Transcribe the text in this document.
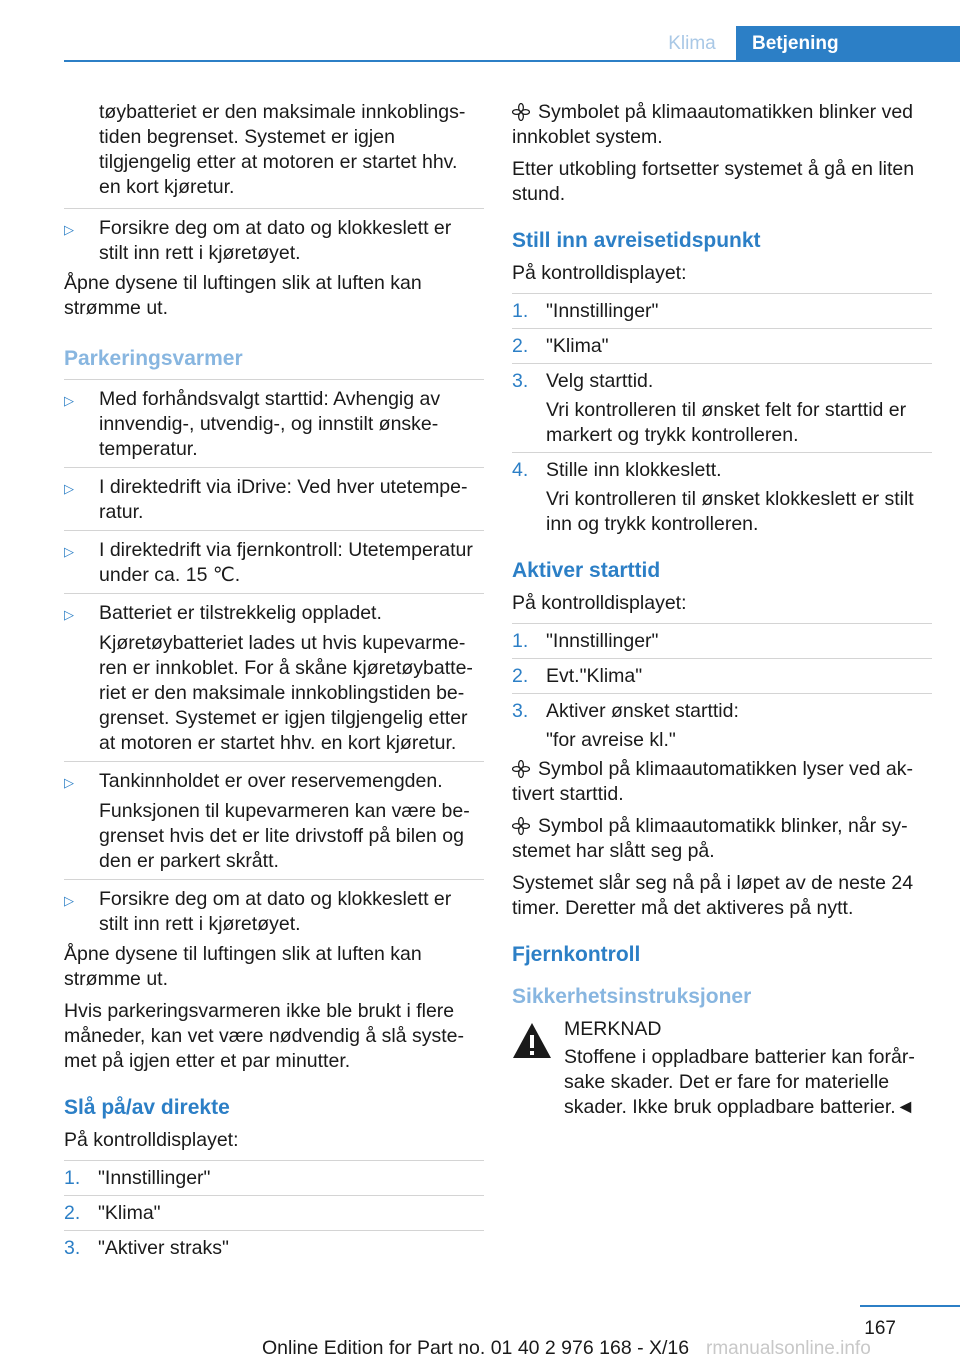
Klima	Betjening

tøybatteriet er den maksimale innkoblingstiden begrenset. Systemet er igjen tilgjengelig etter at motoren er startet hhv. en kort kjøretur.

▷ Forsikre deg om at dato og klokkeslett er stilt inn rett i kjøretøyet.

Åpne dysene til luftingen slik at luften kan strømme ut.

Parkeringsvarmer
▷ Med forhåndsvalgt starttid: Avhengig av innvendig-, utvendig-, og innstilt ønsketemperatur.

▷ I direktedrift via iDrive: Ved hver utetemperatur.

▷ I direktedrift via fjernkontroll: Utetemperatur under ca. 15 ℃.

▷ Batteriet er tilstrekkelig oppladet.

Kjøretøybatteriet lades ut hvis kupevarmeren er innkoblet. For å skåne kjøretøybatteriet er den maksimale innkoblingstiden begrenset. Systemet er igjen tilgjengelig etter at motoren er startet hhv. en kort kjøretur.

▷ Tankinnholdet er over reservemengden.

Funksjonen til kupevarmeren kan være begrenset hvis det er lite drivstoff på bilen og den er parkert skrått.

▷ Forsikre deg om at dato og klokkeslett er stilt inn rett i kjøretøyet.

Åpne dysene til luftingen slik at luften kan strømme ut.

Hvis parkeringsvarmeren ikke ble brukt i flere måneder, kan vet være nødvendig å slå systemet på igjen etter et par minutter.

Slå på/av direkte

På kontrolldisplayet:

1. "Innstillinger"

2. "Klima"

3. "Aktiver straks"

Symbolet på klimaautomatikken blinker ved innkoblet system.

Etter utkobling fortsetter systemet å gå en liten stund.

Still inn avreisetidspunkt

På kontrolldisplayet:

1. "Innstillinger"

2. "Klima"

3. Velg starttid.

Vri kontrolleren til ønsket felt for starttid er markert og trykk kontrolleren.

4. Stille inn klokkeslett.

Vri kontrolleren til ønsket klokkeslett er stilt inn og trykk kontrolleren.

Aktiver starttid

På kontrolldisplayet:

1. "Innstillinger"

2. Evt."Klima"

3. Aktiver ønsket starttid:

"for avreise kl."

Symbol på klimaautomatikken lyser ved aktivert starttid.

Symbol på klimaautomatikk blinker, når systemet har slått seg på.

Systemet slår seg nå på i løpet av de neste 24 timer. Deretter må det aktiveres på nytt.

Fjernkontroll
Sikkerhetsinstruksjoner

MERKNAD

Stoffene i oppladbare batterier kan forårsake skader. Det er fare for materielle skader. Ikke bruk oppladbare batterier.◄

167
Online Edition for Part no. 01 40 2 976 168 - X/16 rmanualsonline.info
